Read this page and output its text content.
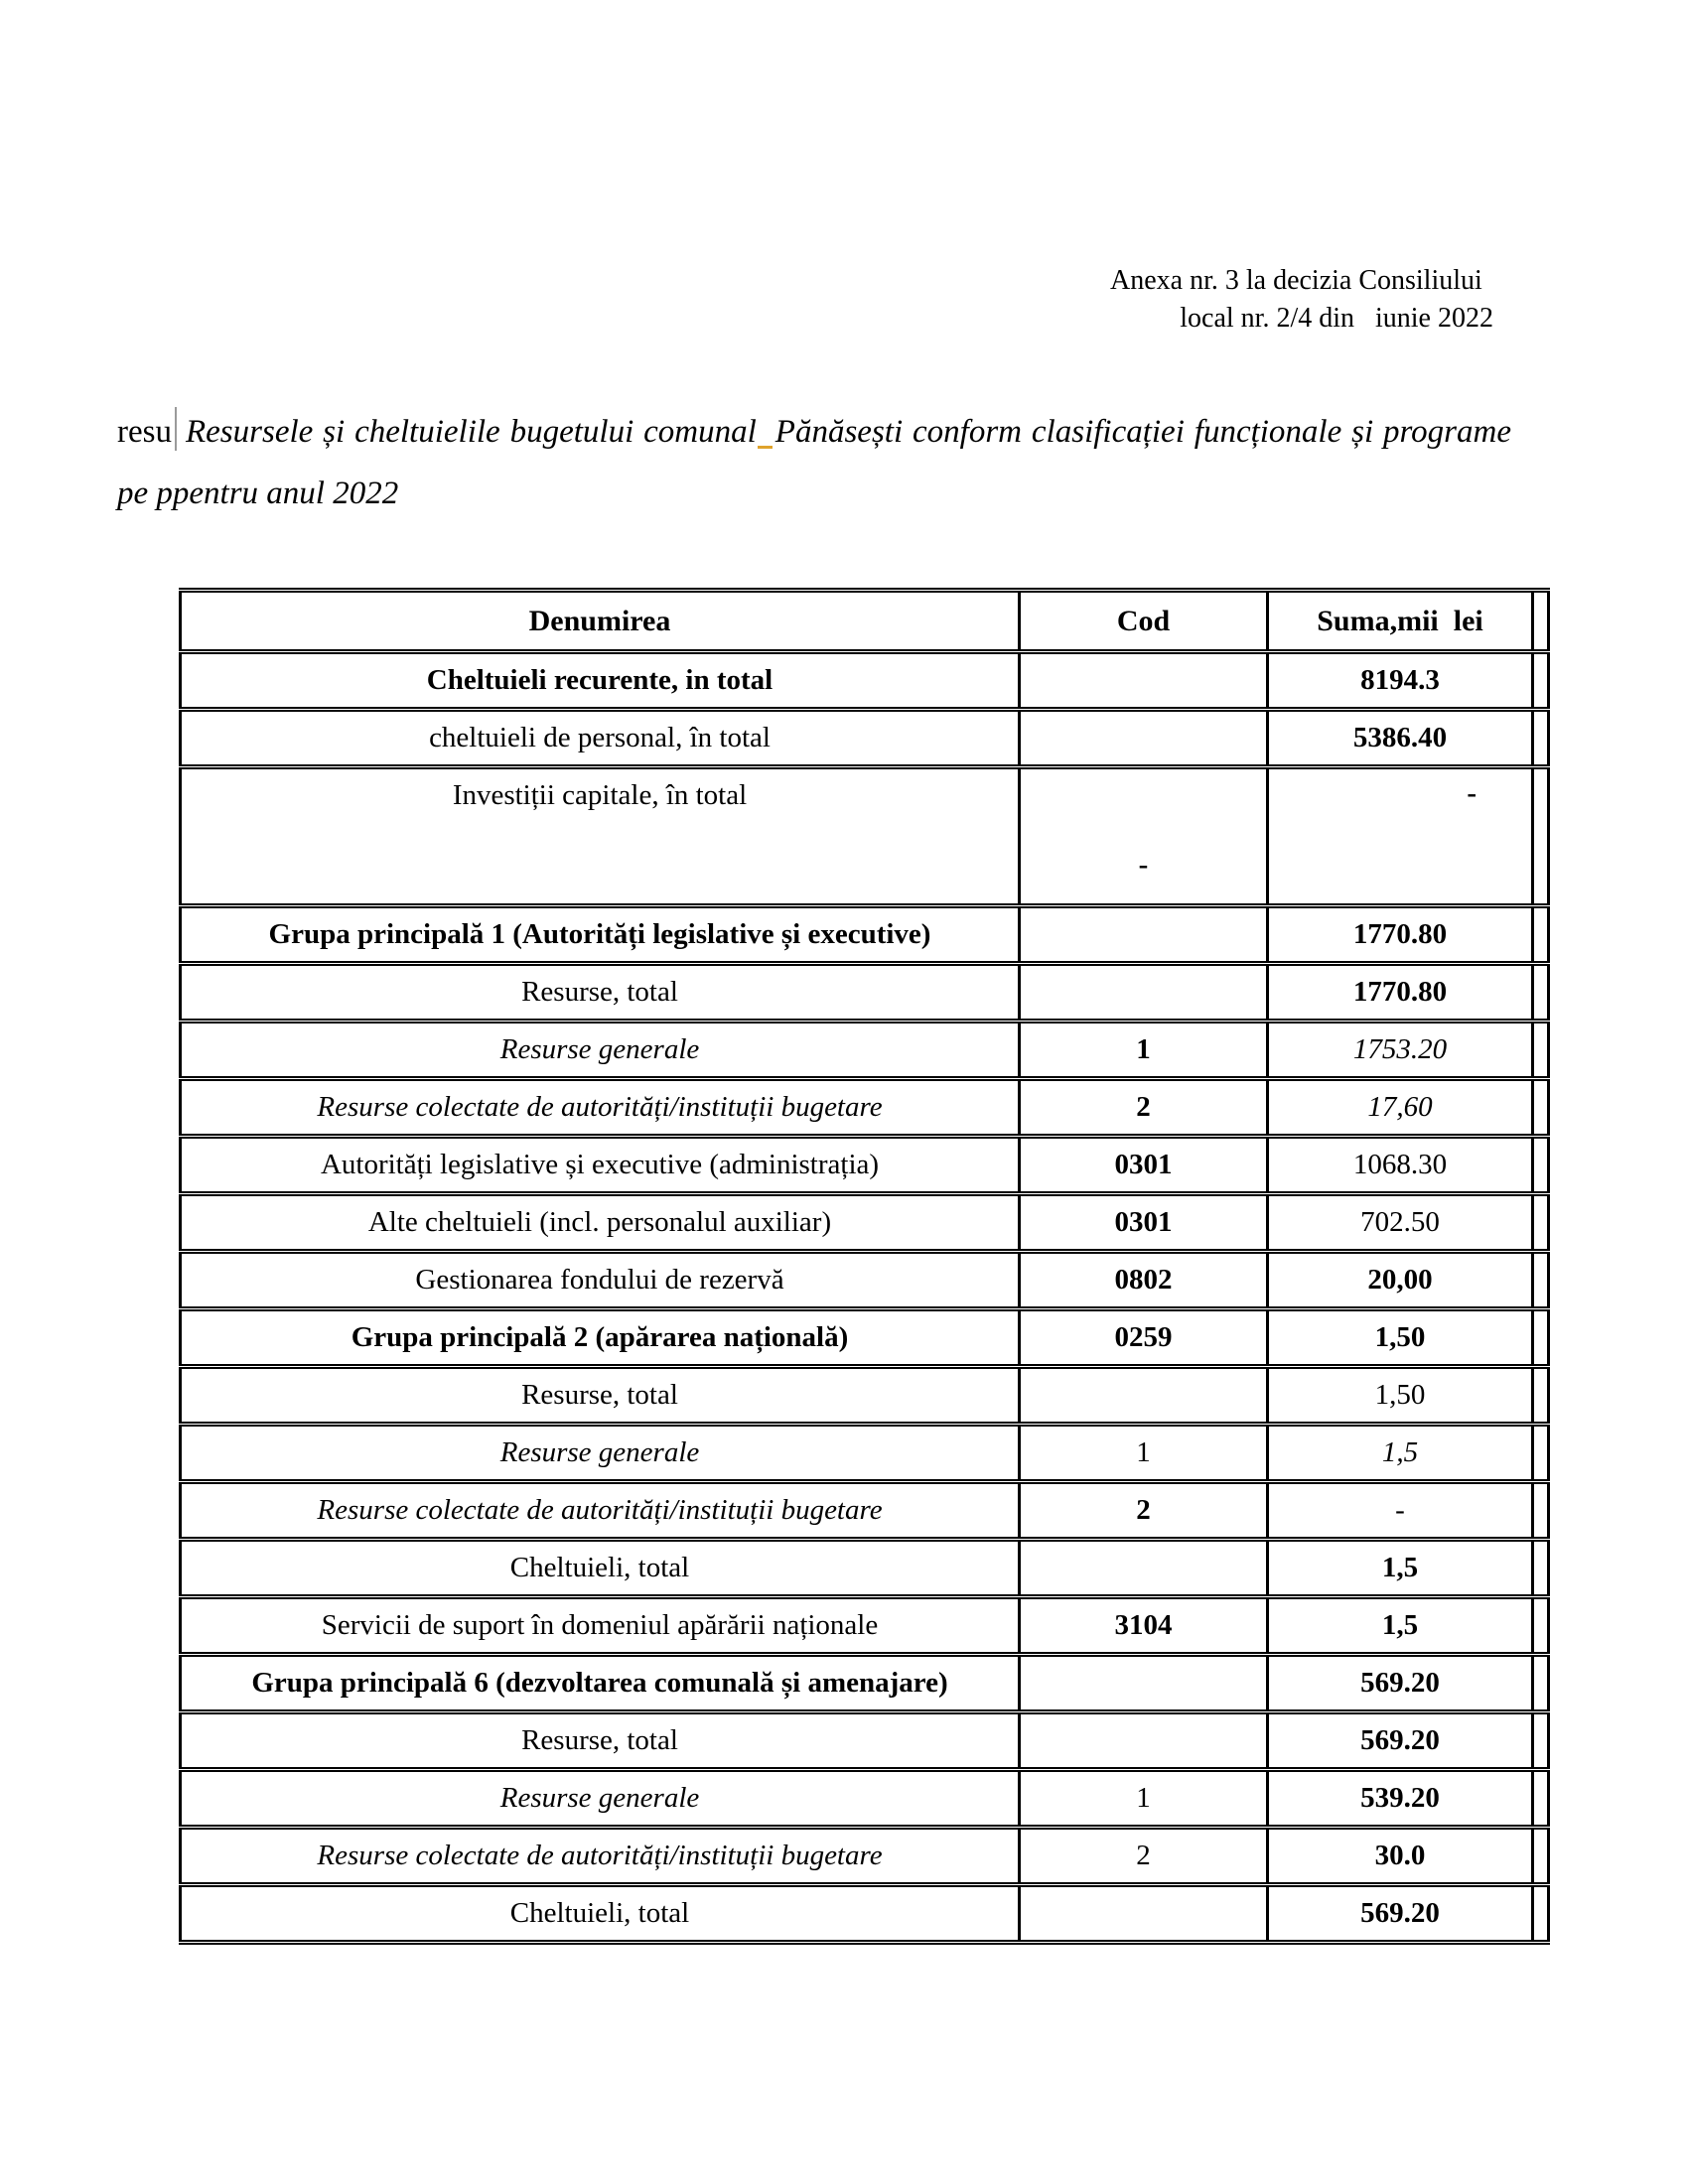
Anexa nr. 3 la decizia Consiliului
local nr. 2/4 din   iunie 2022
resu Resursele și cheltuielile bugetului comunal Pănăsești conform clasificației funcționale și programe
pe ppentru anul 2022
Denumirea	Cod	Suma,mii  lei	
Cheltuieli recurente, in total		8194.3	
cheltuieli de personal, în total		5386.40	
Investiții capitale, în total	-	-	
Grupa principală 1 (Autorități legislative și executive)		1770.80	
Resurse, total		1770.80	
Resurse generale	1	1753.20	
Resurse colectate de autorități/instituții bugetare	2	17,60	
Autorități legislative și executive (administrația)	0301	1068.30	
Alte cheltuieli (incl. personalul auxiliar)	0301	702.50	
Gestionarea fondului de rezervă	0802	20,00	
Grupa principală 2 (apărarea națională)	0259	1,50	
Resurse, total		1,50	
Resurse generale	1	1,5	
Resurse colectate de autorități/instituții bugetare	2	-	
Cheltuieli, total		1,5	
Servicii de suport în domeniul apărării naționale	3104	1,5	
Grupa principală 6 (dezvoltarea comunală și amenajare)		569.20	
Resurse, total		569.20	
Resurse generale	1	539.20	
Resurse colectate de autorități/instituții bugetare	2	30.0	
Cheltuieli, total		569.20	
